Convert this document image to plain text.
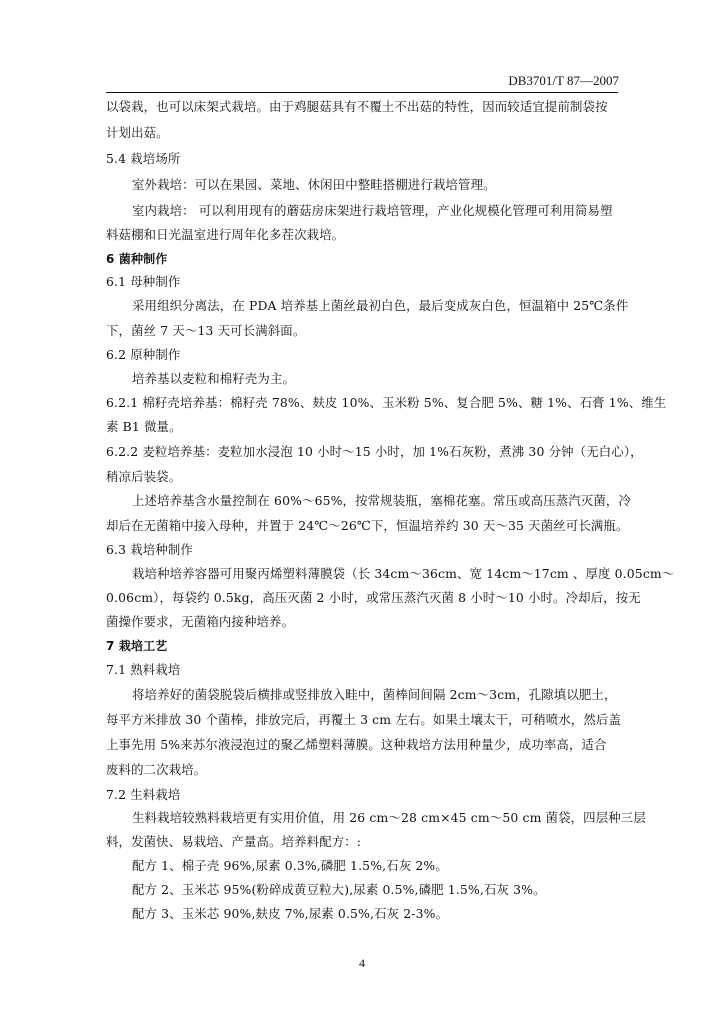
DB3701/T 87—2007
以袋栽，也可以床架式栽培。由于鸡腿菇具有不覆土不出菇的特性，因而较适宜提前制袋按
计划出菇。
5.4 栽培场所
室外栽培：可以在果园、菜地、休闲田中整畦搭棚进行栽培管理。
室内栽培： 可以利用现有的蘑菇房床架进行栽培管理，产业化规模化管理可利用简易塑
料菇棚和日光温室进行周年化多茬次栽培。
6 菌种制作
6.1 母种制作
采用组织分离法，在 PDA 培养基上菌丝最初白色，最后变成灰白色，恒温箱中 25℃条件
下，菌丝 7 天～13 天可长满斜面。
6.2 原种制作
培养基以麦粒和棉籽壳为主。
6.2.1 棉籽壳培养基：棉籽壳 78%、麸皮 10%、玉米粉 5%、复合肥 5%、糖 1%、石膏 1%、维生
素 B1 微量。
6.2.2 麦粒培养基：麦粒加水浸泡 10 小时～15 小时，加 1%石灰粉，煮沸 30 分钟（无白心），
稍凉后装袋。
上述培养基含水量控制在 60%～65%，按常规装瓶，塞棉花塞。常压或高压蒸汽灭菌，冷
却后在无菌箱中接入母种，并置于 24℃～26℃下，恒温培养约 30 天～35 天菌丝可长满瓶。
6.3 栽培种制作
栽培种培养容器可用聚丙烯塑料薄膜袋（长 34cm～36cm、宽 14cm～17cm 、厚度 0.05cm～
0.06cm），每袋约 0.5kg，高压灭菌 2 小时，或常压蒸汽灭菌 8 小时～10 小时。冷却后，按无
菌操作要求，无菌箱内接种培养。
7 栽培工艺
7.1 熟料栽培
将培养好的菌袋脱袋后横排或竖排放入畦中，菌棒间间隔 2cm～3cm，孔隙填以肥土，
每平方米排放 30 个菌棒，排放完后，再覆土 3 cm 左右。如果土壤太干，可稍喷水，然后盖
上事先用 5%来苏尔液浸泡过的聚乙烯塑料薄膜。这种栽培方法用种量少，成功率高，适合
废料的二次栽培。
7.2 生料栽培
生料栽培较熟料栽培更有实用价值，用 26 cm～28 cm×45 cm～50 cm 菌袋，四层种三层
料，发菌快、易栽培、产量高。培养料配方：:
配方 1、棉子壳 96%,尿素 0.3%,磷肥 1.5%,石灰 2%。
配方 2、玉米芯 95%(粉碎成黄豆粒大),尿素 0.5%,磷肥 1.5%,石灰 3%。
配方 3、玉米芯 90%,麸皮 7%,尿素 0.5%,石灰 2-3%。
4
